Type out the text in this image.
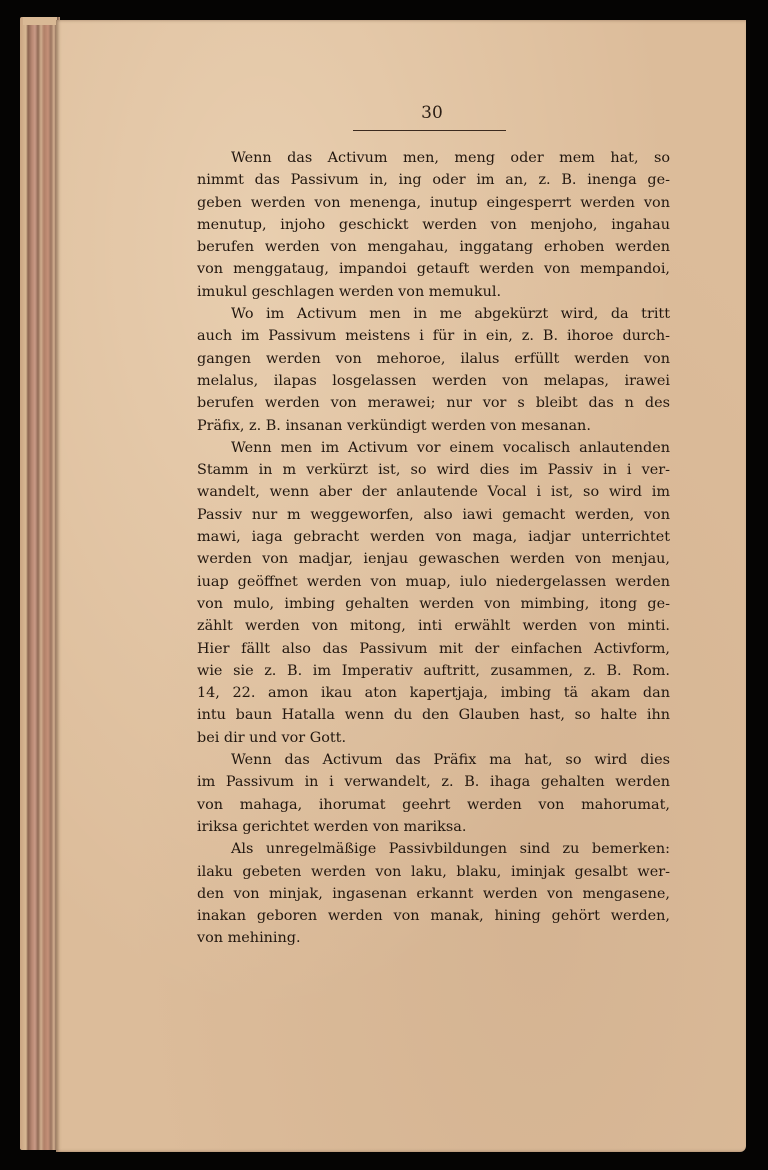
30

Wenn das Activum men, meng oder mem hat, so
nimmt das Passivum in, ing oder im an, z. B. inenga ge-
geben werden von menenga, inutup eingesperrt werden von
menutup, injoho geschickt werden von menjoho, ingahau
berufen werden von mengahau, inggatang erhoben werden
von menggataug, impandoi getauft werden von mempandoi,
imukul geschlagen werden von memukul.

Wo im Activum men in me abgekürzt wird, da tritt
auch im Passivum meistens i für in ein, z. B. ihoroe durch-
gangen werden von mehoroe, ilalus erfüllt werden von
melalus, ilapas losgelassen werden von melapas, irawei
berufen werden von merawei; nur vor s bleibt das n des
Präfix, z. B. insanan verkündigt werden von mesanan.

Wenn men im Activum vor einem vocalisch anlautenden
Stamm in m verkürzt ist, so wird dies im Passiv in i ver-
wandelt, wenn aber der anlautende Vocal i ist, so wird im
Passiv nur m weggeworfen, also iawi gemacht werden, von
mawi, iaga gebracht werden von maga, iadjar unterrichtet
werden von madjar, ienjau gewaschen werden von menjau,
iuap geöffnet werden von muap, iulo niedergelassen werden
von mulo, imbing gehalten werden von mimbing, itong ge-
zählt werden von mitong, inti erwählt werden von minti.
Hier fällt also das Passivum mit der einfachen Activform,
wie sie z. B. im Imperativ auftritt, zusammen, z. B. Rom.
14, 22. amon ikau aton kapertjaja, imbing tä akam dan
intu baun Hatalla wenn du den Glauben hast, so halte ihn
bei dir und vor Gott.

Wenn das Activum das Präfix ma hat, so wird dies
im Passivum in i verwandelt, z. B. ihaga gehalten werden
von mahaga, ihorumat geehrt werden von mahorumat,
iriksa gerichtet werden von mariksa.

Als unregelmäßige Passivbildungen sind zu bemerken:
ilaku gebeten werden von laku, blaku, iminjak gesalbt wer-
den von minjak, ingasenan erkannt werden von mengasene,
inakan geboren werden von manak, hining gehört werden,
von mehining.
